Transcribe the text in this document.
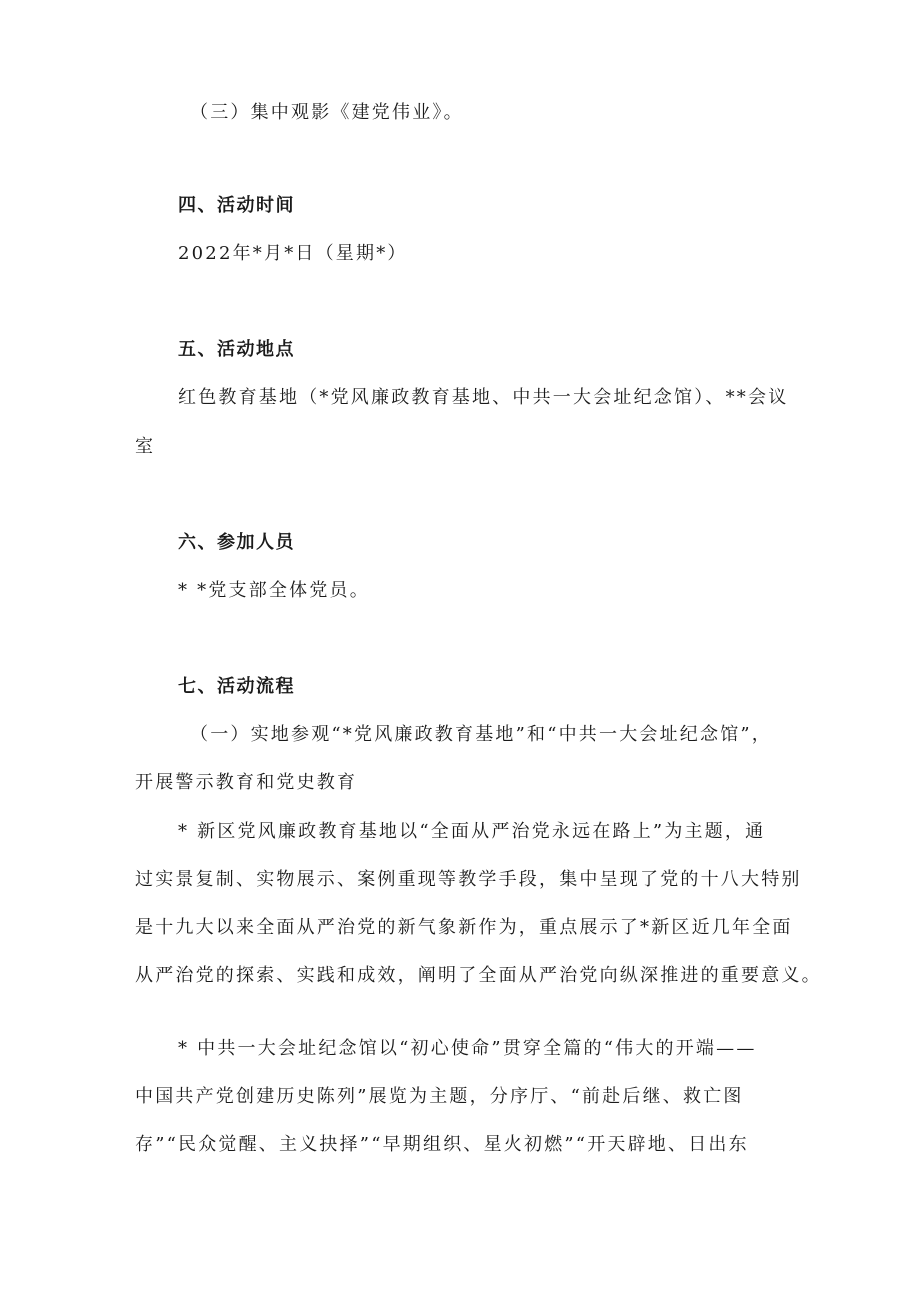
（三）集中观影《建党伟业》。
四、活动时间
2022年*月*日（星期*）
五、活动地点
红色教育基地（*党风廉政教育基地、中共一大会址纪念馆）、**会议
室
六、参加人员
* *党支部全体党员。
七、活动流程
（一）实地参观“*党风廉政教育基地”和“中共一大会址纪念馆”，
开展警示教育和党史教育
* 新区党风廉政教育基地以“全面从严治党永远在路上”为主题，通
过实景复制、实物展示、案例重现等教学手段，集中呈现了党的十八大特别
是十九大以来全面从严治党的新气象新作为，重点展示了*新区近几年全面
从严治党的探索、实践和成效，阐明了全面从严治党向纵深推进的重要意义。
* 中共一大会址纪念馆以“初心使命”贯穿全篇的“伟大的开端——
中国共产党创建历史陈列”展览为主题，分序厅、“前赴后继、救亡图
存”“民众觉醒、主义抉择”“早期组织、星火初燃”“开天辟地、日出东
